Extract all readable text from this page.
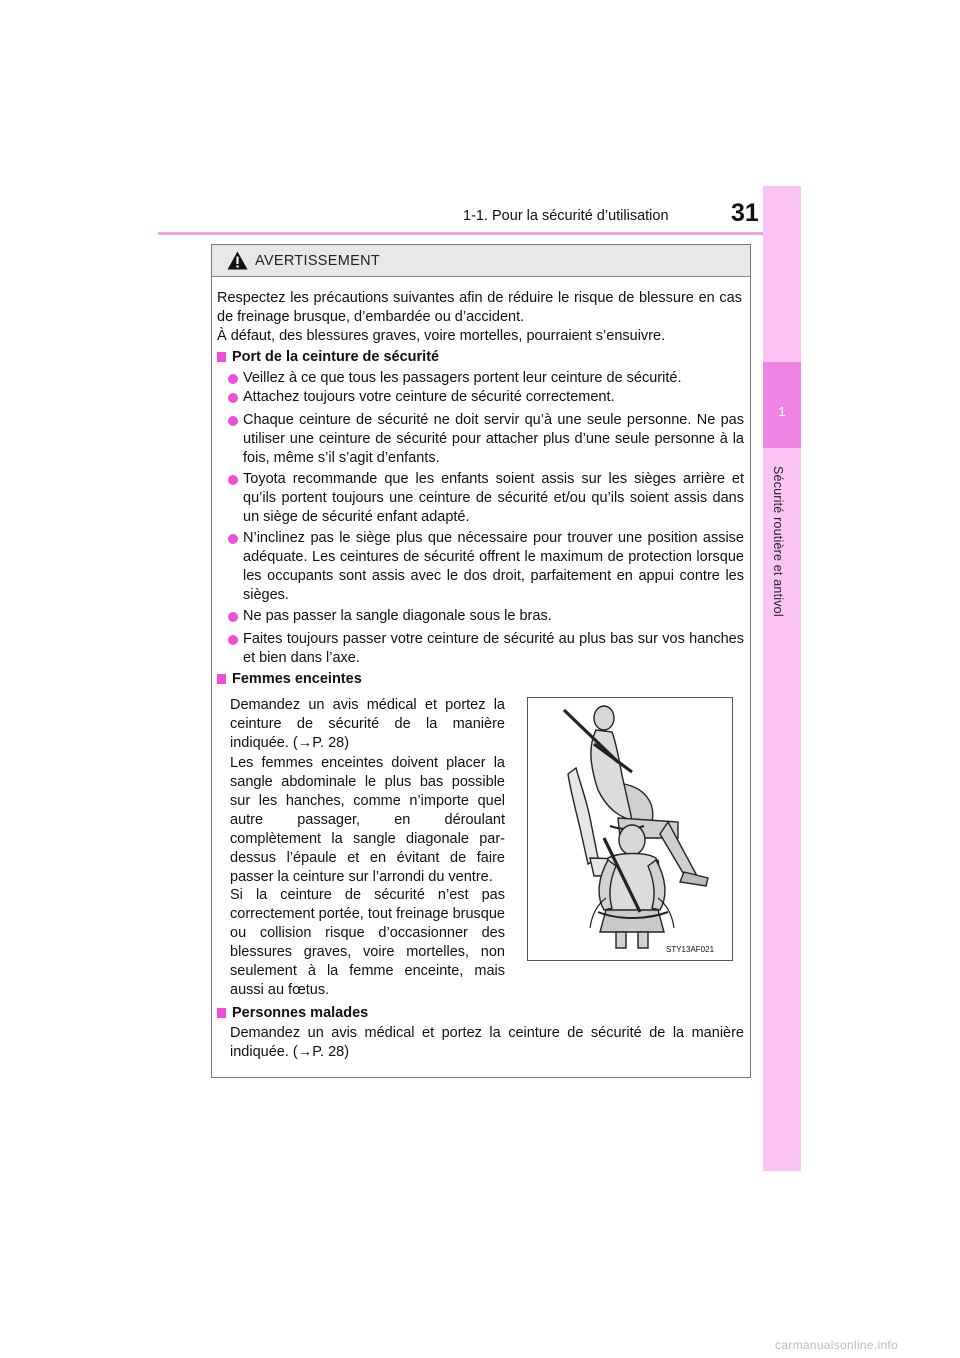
1-1. Pour la sécurité d’utilisation 31
1
Sécurité routière et antivol
AVERTISSEMENT

Respectez les précautions suivantes afin de réduire le risque de blessure en cas de freinage brusque, d’embardée ou d’accident.

À défaut, des blessures graves, voire mortelles, pourraient s’ensuivre.

Port de la ceinture de sécurité

Veillez à ce que tous les passagers portent leur ceinture de sécurité.

Attachez toujours votre ceinture de sécurité correctement.

Chaque ceinture de sécurité ne doit servir qu’à une seule personne. Ne pas utiliser une ceinture de sécurité pour attacher plus d’une seule personne à la fois, même s’il s’agit d’enfants.

Toyota recommande que les enfants soient assis sur les sièges arrière et qu’ils portent toujours une ceinture de sécurité et/ou qu’ils soient assis dans un siège de sécurité enfant adapté.

N’inclinez pas le siège plus que nécessaire pour trouver une position assise adéquate. Les ceintures de sécurité offrent le maximum de protection lorsque les occupants sont assis avec le dos droit, parfaitement en appui contre les sièges.

Ne pas passer la sangle diagonale sous le bras.

Faites toujours passer votre ceinture de sécurité au plus bas sur vos hanches et bien dans l’axe.

Femmes enceintes

Demandez un avis médical et portez la ceinture de sécurité de la manière indiquée. (→P. 28)

Les femmes enceintes doivent placer la sangle abdominale le plus bas possible sur les hanches, comme n’importe quel autre passager, en déroulant complètement la sangle diagonale par-dessus l’épaule et en évitant de faire passer la ceinture sur l’arrondi du ventre.

Si la ceinture de sécurité n’est pas correctement portée, tout freinage brusque ou collision risque d’occasionner des blessures graves, voire mortelles, non seulement à la femme enceinte, mais aussi au fœtus.

Personnes malades

Demandez un avis médical et portez la ceinture de sécurité de la manière indiquée. (→P. 28)

STY13AF021
carmanualsonline.info
